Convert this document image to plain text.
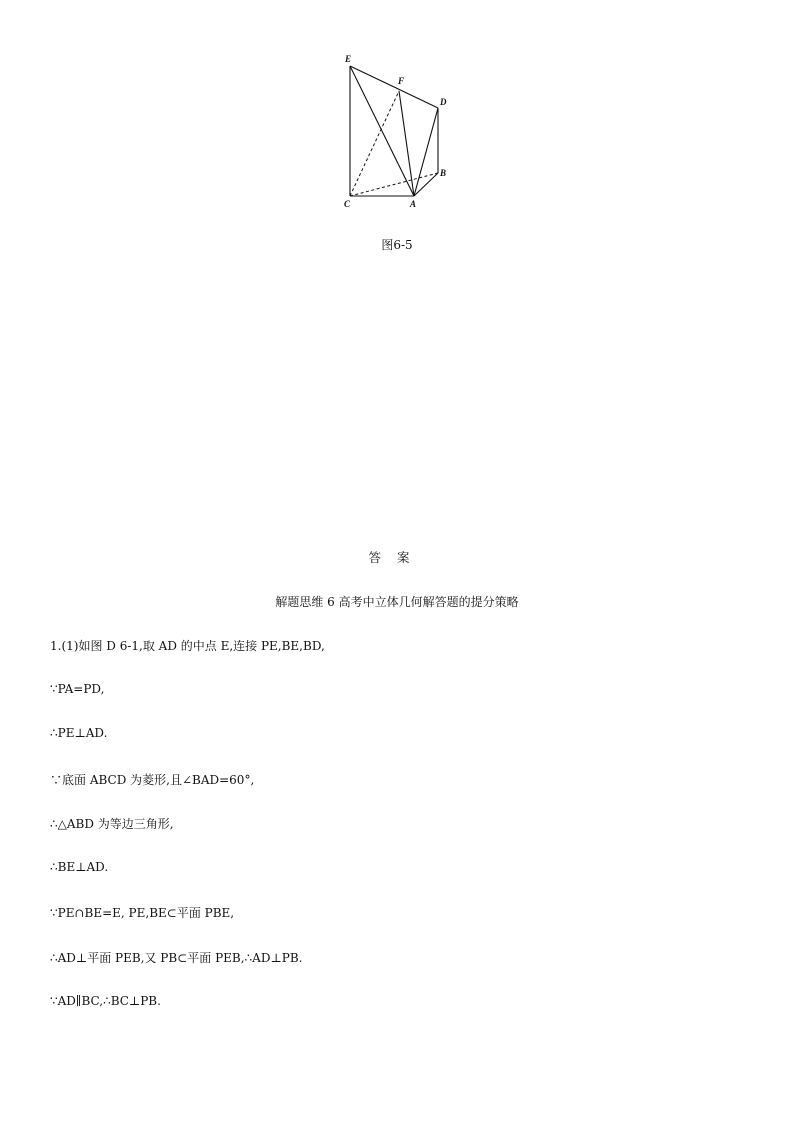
E
F
D
B
C	A
图6-5
答案
解题思维 6 高考中立体几何解答题的提分策略
1.(1)如图 D 6-1,取 AD 的中点 E,连接 PE,BE,BD,
∵PA=PD,
∴PE⊥AD.
∵底面 ABCD 为菱形,且∠BAD=60°,
∴△ABD 为等边三角形,
∴BE⊥AD.
∵PE∩BE=E, PE,BE⊂平面 PBE,
∴AD⊥平面 PEB,又 PB⊂平面 PEB,∴AD⊥PB.
∵AD∥BC,∴BC⊥PB.
